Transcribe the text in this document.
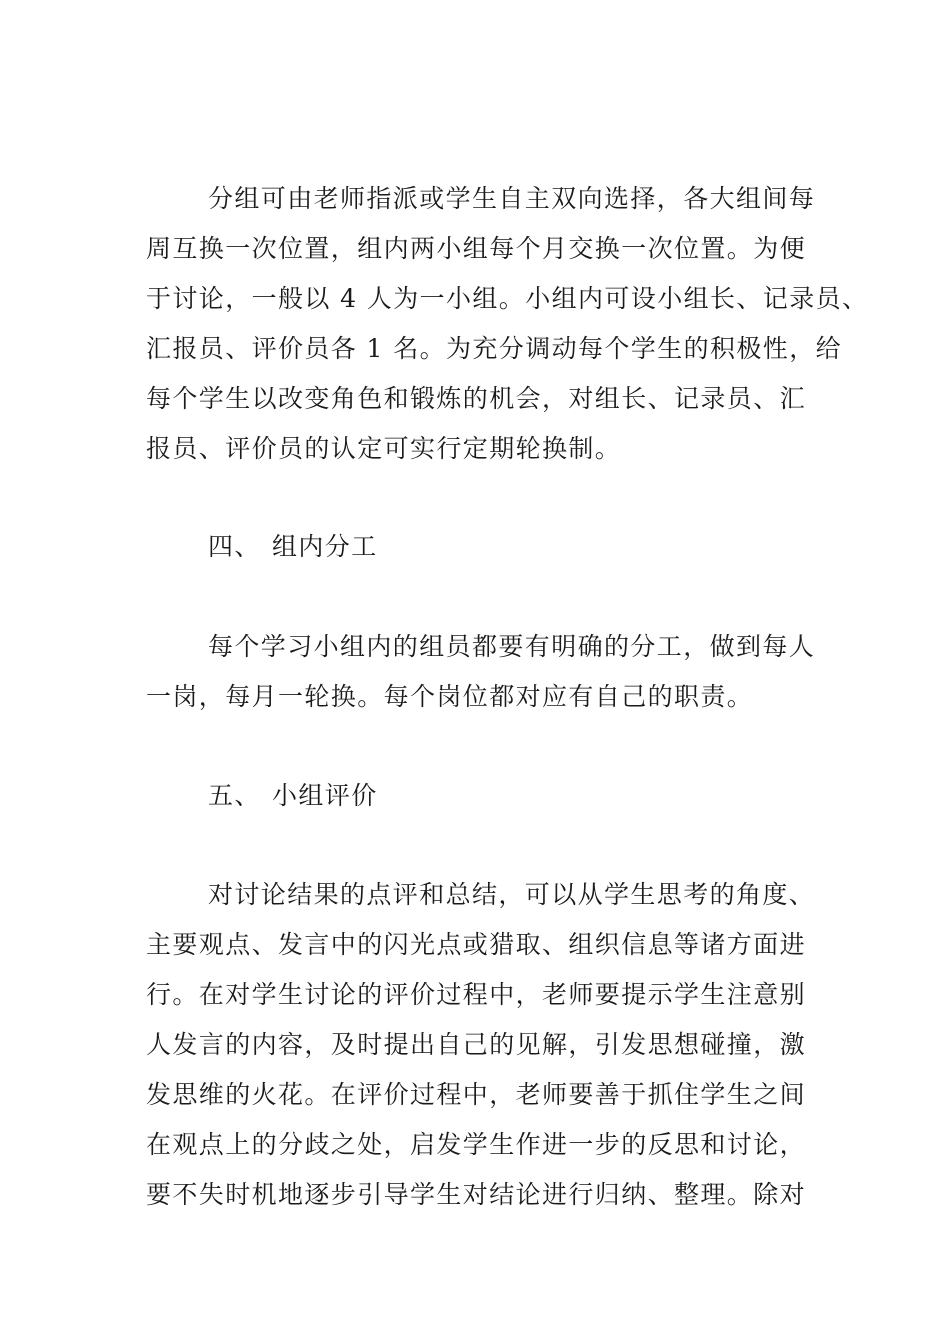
分组可由老师指派或学生自主双向选择，各大组间每
周互换一次位置，组内两小组每个月交换一次位置。为便
于讨论，一般以 4 人为一小组。小组内可设小组长、记录员、
汇报员、评价员各 1 名。为充分调动每个学生的积极性，给
每个学生以改变角色和锻炼的机会，对组长、记录员、汇
报员、评价员的认定可实行定期轮换制。
四、 组内分工
每个学习小组内的组员都要有明确的分工，做到每人
一岗，每月一轮换。每个岗位都对应有自己的职责。
五、 小组评价
对讨论结果的点评和总结，可以从学生思考的角度、
主要观点、发言中的闪光点或猎取、组织信息等诸方面进
行。在对学生讨论的评价过程中，老师要提示学生注意别
人发言的内容，及时提出自己的见解，引发思想碰撞，激
发思维的火花。在评价过程中，老师要善于抓住学生之间
在观点上的分歧之处，启发学生作进一步的反思和讨论，
要不失时机地逐步引导学生对结论进行归纳、整理。除对
